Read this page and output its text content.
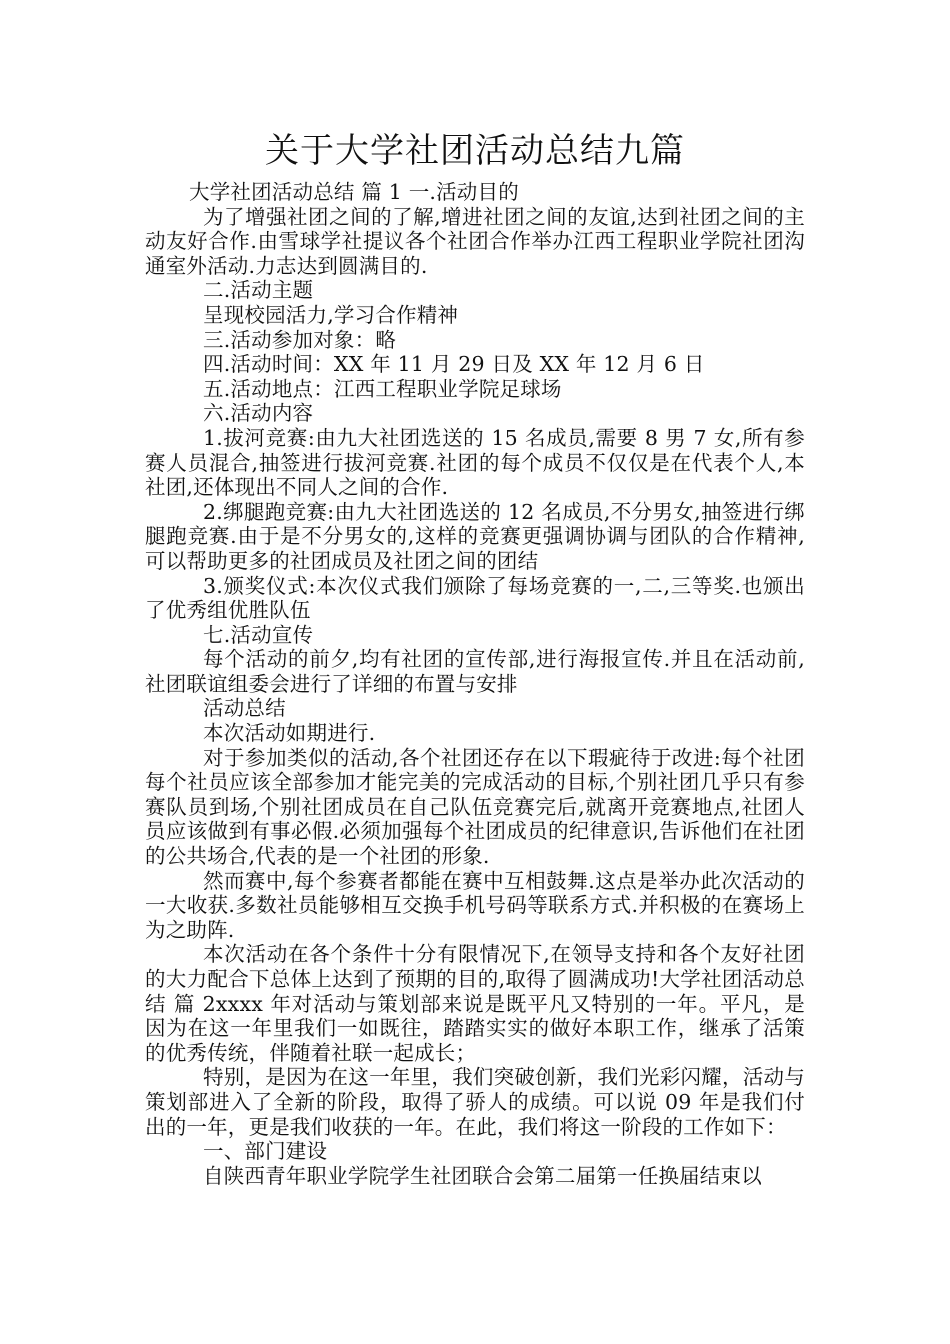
关于大学社团活动总结九篇

大学社团活动总结 篇 1 一.活动目的

为了增强社团之间的了解,增进社团之间的友谊,达到社团之间的主动友好合作.由雪球学社提议各个社团合作举办江西工程职业学院社团沟通室外活动.力志达到圆满目的.

二.活动主题

呈现校园活力,学习合作精神

三.活动参加对象：略

四.活动时间：XX 年 11 月 29 日及 XX 年 12 月 6 日

五.活动地点：江西工程职业学院足球场

六.活动内容

1.拔河竞赛:由九大社团选送的 15 名成员,需要 8 男 7 女,所有参赛人员混合,抽签进行拔河竞赛.社团的每个成员不仅仅是在代表个人,本社团,还体现出不同人之间的合作.

2.绑腿跑竞赛:由九大社团选送的 12 名成员,不分男女,抽签进行绑腿跑竞赛.由于是不分男女的,这样的竞赛更强调协调与团队的合作精神,可以帮助更多的社团成员及社团之间的团结

3.颁奖仪式:本次仪式我们颁除了每场竞赛的一,二,三等奖.也颁出了优秀组优胜队伍

七.活动宣传

每个活动的前夕,均有社团的宣传部,进行海报宣传.并且在活动前,社团联谊组委会进行了详细的布置与安排

活动总结

本次活动如期进行.

对于参加类似的活动,各个社团还存在以下瑕疵待于改进:每个社团每个社员应该全部参加才能完美的完成活动的目标,个别社团几乎只有参赛队员到场,个别社团成员在自己队伍竞赛完后,就离开竞赛地点,社团人员应该做到有事必假.必须加强每个社团成员的纪律意识,告诉他们在社团的公共场合,代表的是一个社团的形象.

然而赛中,每个参赛者都能在赛中互相鼓舞.这点是举办此次活动的一大收获.多数社员能够相互交换手机号码等联系方式.并积极的在赛场上为之助阵.

本次活动在各个条件十分有限情况下,在领导支持和各个友好社团的大力配合下总体上达到了预期的目的,取得了圆满成功!大学社团活动总结 篇 2xxxx 年对活动与策划部来说是既平凡又特别的一年。平凡，是因为在这一年里我们一如既往，踏踏实实的做好本职工作，继承了活策的优秀传统，伴随着社联一起成长；

特别，是因为在这一年里，我们突破创新，我们光彩闪耀，活动与策划部进入了全新的阶段，取得了骄人的成绩。可以说 09 年是我们付出的一年，更是我们收获的一年。在此，我们将这一阶段的工作如下：

一、部门建设

自陕西青年职业学院学生社团联合会第二届第一任换届结束以
